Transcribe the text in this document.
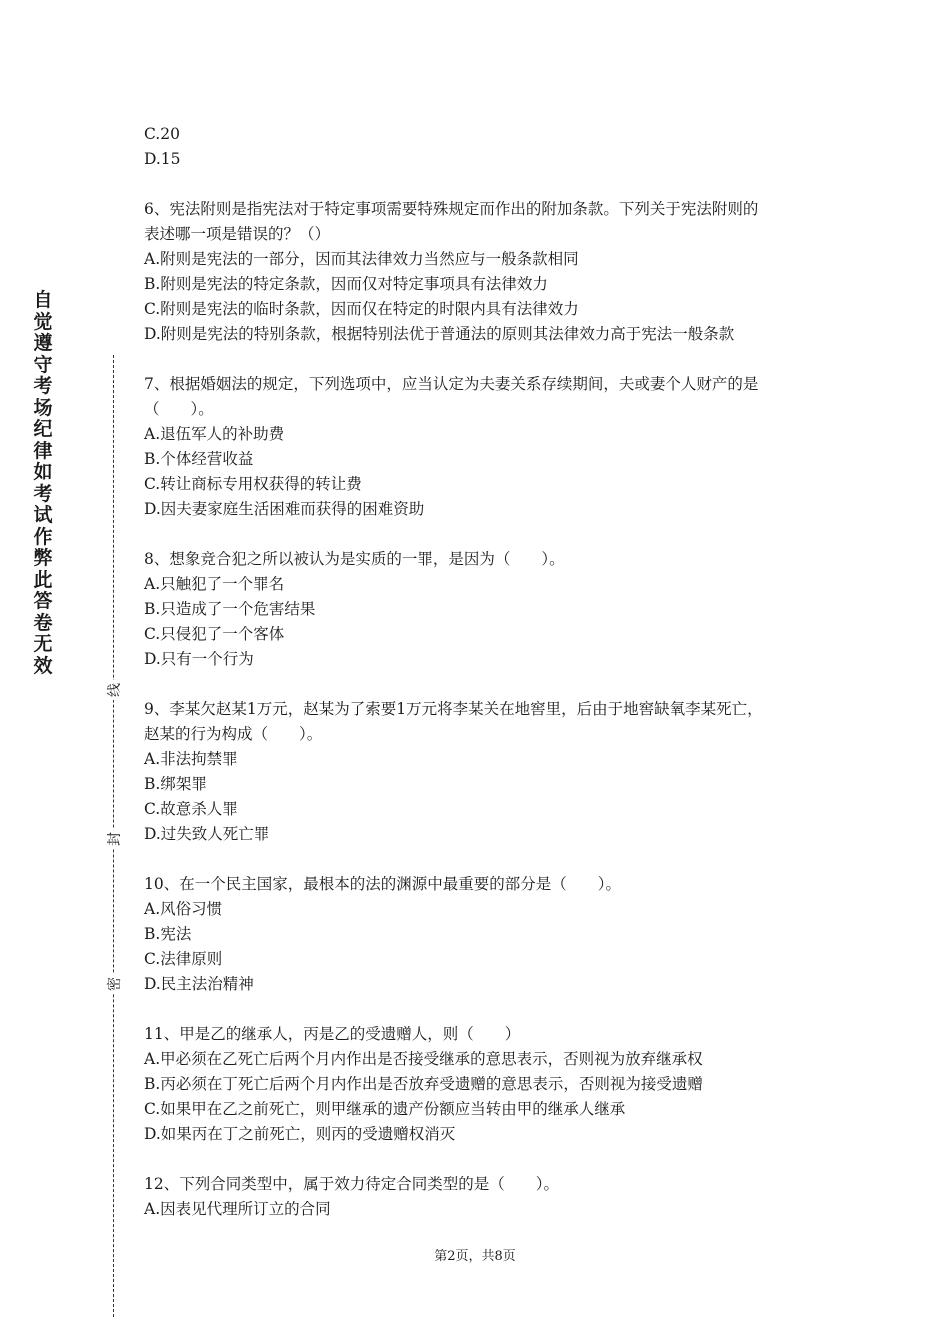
自觉遵守考场纪律如考试作弊此答卷无效
线
封
密
C.20
D.15
6、宪法附则是指宪法对于特定事项需要特殊规定而作出的附加条款。下列关于宪法附则的
表述哪一项是错误的？（）
A.附则是宪法的一部分，因而其法律效力当然应与一般条款相同
B.附则是宪法的特定条款，因而仅对特定事项具有法律效力
C.附则是宪法的临时条款，因而仅在特定的时限内具有法律效力
D.附则是宪法的特别条款，根据特别法优于普通法的原则其法律效力高于宪法一般条款
7、根据婚姻法的规定，下列选项中，应当认定为夫妻关系存续期间，夫或妻个人财产的是
（　　）。
A.退伍军人的补助费
B.个体经营收益
C.转让商标专用权获得的转让费
D.因夫妻家庭生活困难而获得的困难资助
8、想象竞合犯之所以被认为是实质的一罪，是因为（　　）。
A.只触犯了一个罪名
B.只造成了一个危害结果
C.只侵犯了一个客体
D.只有一个行为
9、李某欠赵某1万元，赵某为了索要1万元将李某关在地窖里，后由于地窖缺氧李某死亡，
赵某的行为构成（　　）。
A.非法拘禁罪
B.绑架罪
C.故意杀人罪
D.过失致人死亡罪
10、在一个民主国家，最根本的法的渊源中最重要的部分是（　　）。
A.风俗习惯
B.宪法
C.法律原则
D.民主法治精神
11、甲是乙的继承人，丙是乙的受遗赠人，则（　　）
A.甲必须在乙死亡后两个月内作出是否接受继承的意思表示，否则视为放弃继承权
B.丙必须在丁死亡后两个月内作出是否放弃受遗赠的意思表示，否则视为接受遗赠
C.如果甲在乙之前死亡，则甲继承的遗产份额应当转由甲的继承人继承
D.如果丙在丁之前死亡，则丙的受遗赠权消灭
12、下列合同类型中，属于效力待定合同类型的是（　　）。
A.因表见代理所订立的合同
第2页，共8页
